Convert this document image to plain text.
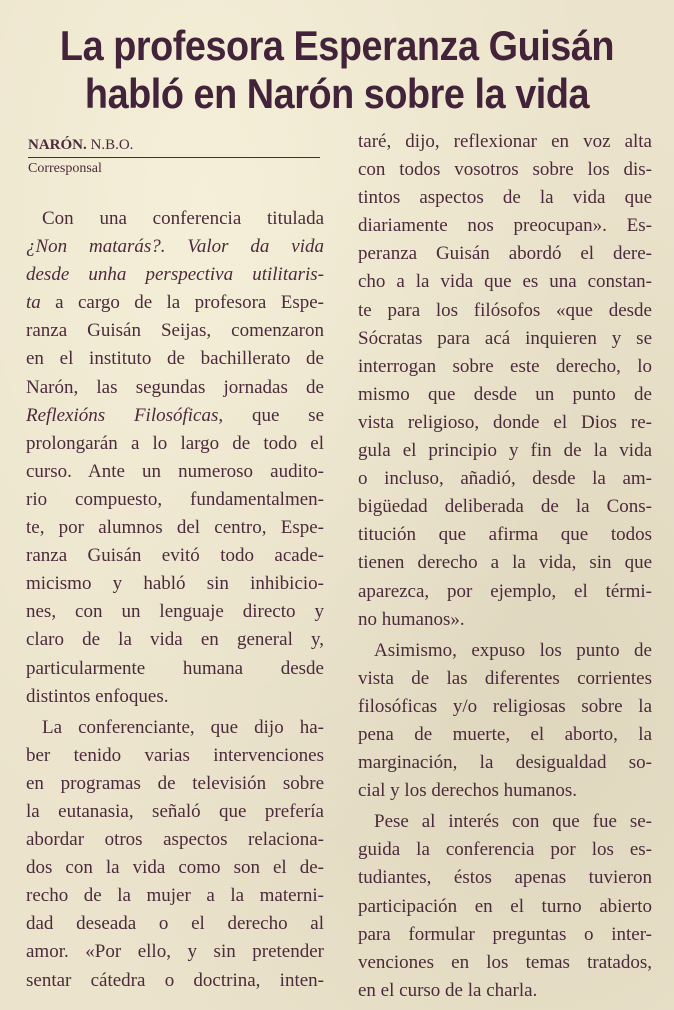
La profesora Esperanza Guisán
habló en Narón sobre la vida
NARÓN. N.B.O.
Corresponsal
Con una conferencia titulada
¿Non matarás?. Valor da vida
desde unha perspectiva utilitaris-
ta a cargo de la profesora Espe-
ranza Guisán Seijas, comenzaron
en el instituto de bachillerato de
Narón, las segundas jornadas de
Reflexións Filosóficas, que se
prolongarán a lo largo de todo el
curso. Ante un numeroso audito-
rio compuesto, fundamentalmen-
te, por alumnos del centro, Espe-
ranza Guisán evitó todo acade-
micismo y habló sin inhibicio-
nes, con un lenguaje directo y
claro de la vida en general y,
particularmente humana desde
distintos enfoques.
La conferenciante, que dijo ha-
ber tenido varias intervenciones
en programas de televisión sobre
la eutanasia, señaló que prefería
abordar otros aspectos relaciona-
dos con la vida como son el de-
recho de la mujer a la materni-
dad deseada o el derecho al
amor. «Por ello, y sin pretender
sentar cátedra o doctrina, inten-
taré, dijo, reflexionar en voz alta
con todos vosotros sobre los dis-
tintos aspectos de la vida que
diariamente nos preocupan». Es-
peranza Guisán abordó el dere-
cho a la vida que es una constan-
te para los filósofos «que desde
Sócratas para acá inquieren y se
interrogan sobre este derecho, lo
mismo que desde un punto de
vista religioso, donde el Dios re-
gula el principio y fin de la vida
o incluso, añadió, desde la am-
bigüedad deliberada de la Cons-
titución que afirma que todos
tienen derecho a la vida, sin que
aparezca, por ejemplo, el térmi-
no humanos».
Asimismo, expuso los punto de
vista de las diferentes corrientes
filosóficas y/o religiosas sobre la
pena de muerte, el aborto, la
marginación, la desigualdad so-
cial y los derechos humanos.
Pese al interés con que fue se-
guida la conferencia por los es-
tudiantes, éstos apenas tuvieron
participación en el turno abierto
para formular preguntas o inter-
venciones en los temas tratados,
en el curso de la charla.
